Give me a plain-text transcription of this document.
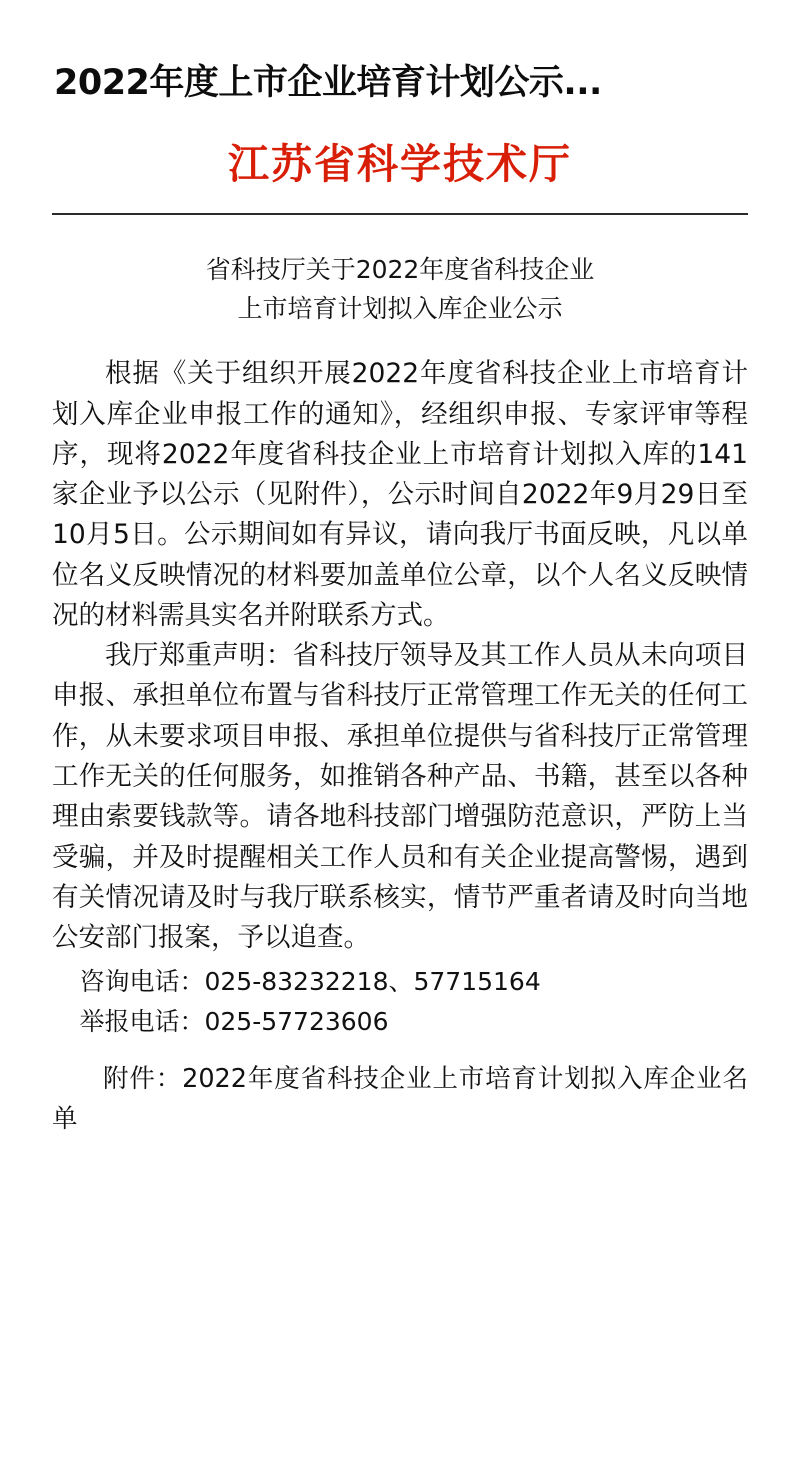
2022年度上市企业培育计划公示...
江苏省科学技术厅
省科技厅关于2022年度省科技企业
上市培育计划拟入库企业公示

根据《关于组织开展2022年度省科技企业上市培育计划入库企业申报工作的通知》，经组织申报、专家评审等程序，现将2022年度省科技企业上市培育计划拟入库的141家企业予以公示（见附件），公示时间自2022年9月29日至10月5日。公示期间如有异议，请向我厅书面反映，凡以单位名义反映情况的材料要加盖单位公章，以个人名义反映情况的材料需具实名并附联系方式。

我厅郑重声明：省科技厅领导及其工作人员从未向项目申报、承担单位布置与省科技厅正常管理工作无关的任何工作，从未要求项目申报、承担单位提供与省科技厅正常管理工作无关的任何服务，如推销各种产品、书籍，甚至以各种理由索要钱款等。请各地科技部门增强防范意识，严防上当受骗，并及时提醒相关工作人员和有关企业提高警惕，遇到有关情况请及时与我厅联系核实，情节严重者请及时向当地公安部门报案，予以追查。

咨询电话：025-83232218、57715164
举报电话：025-57723606

附件：2022年度省科技企业上市培育计划拟入库企业名单
